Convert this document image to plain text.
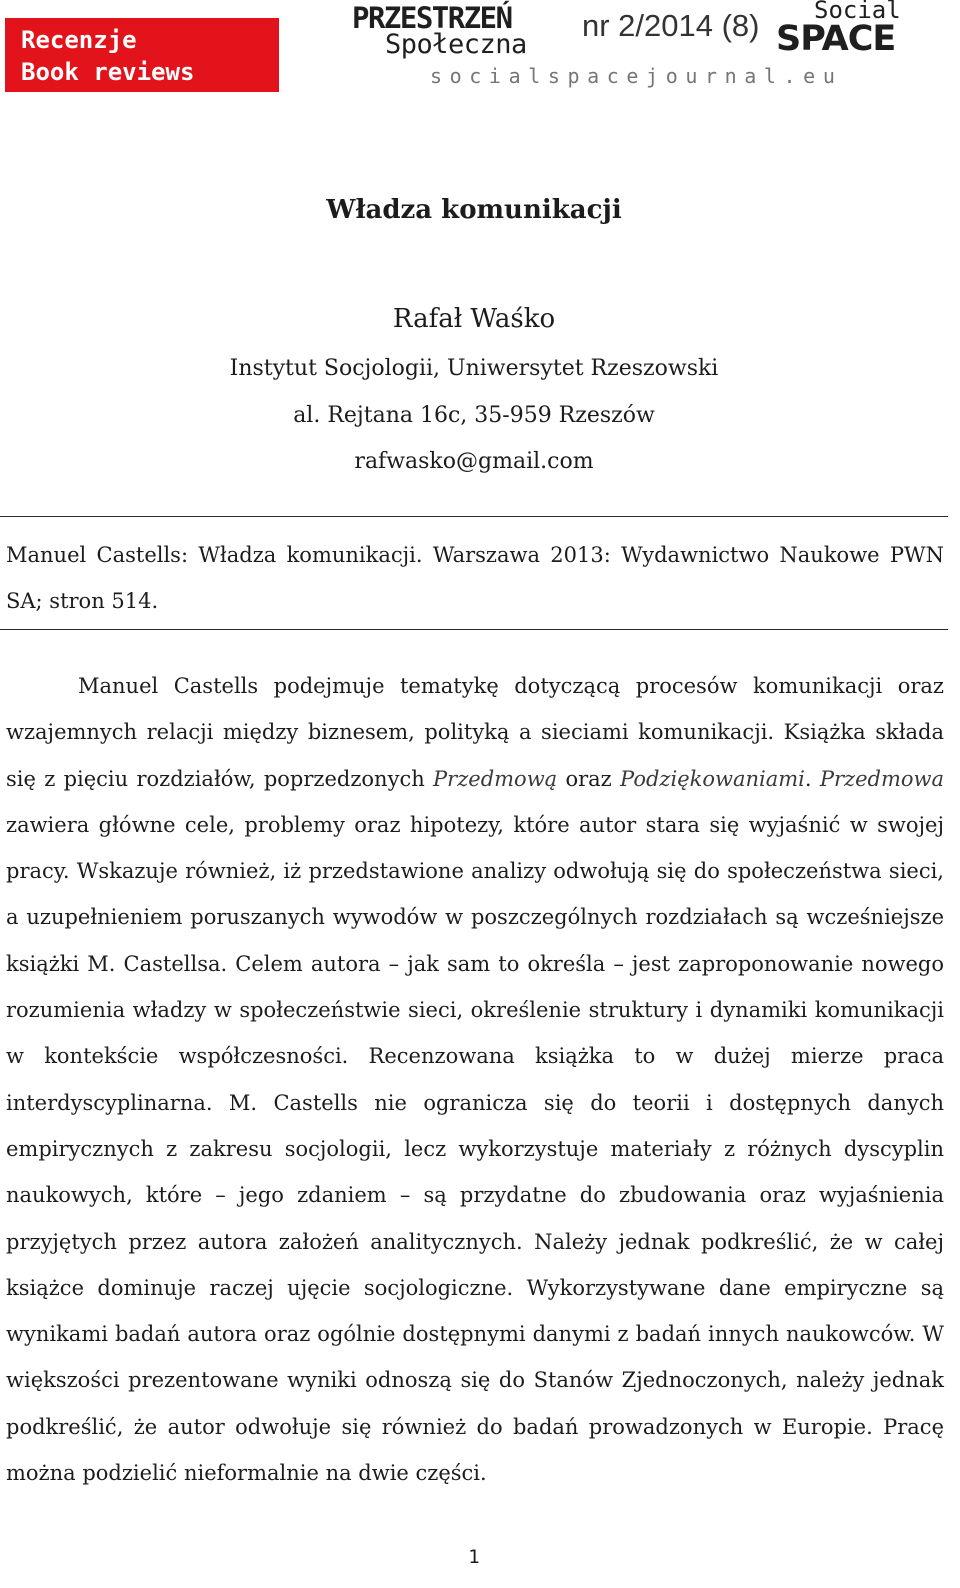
Recenzje
Book reviews
PRZESTRZEŃ
Społeczna
nr 2/2014 (8)	Social
SPACE
socialspacejournal.eu
Władza komunikacji
Rafał Waśko
Instytut Socjologii, Uniwersytet Rzeszowski
al. Rejtana 16c, 35-959 Rzeszów
rafwasko@gmail.com
Manuel Castells: Władza komunikacji. Warszawa 2013: Wydawnictwo Naukowe PWN SA; stron 514.

Manuel Castells podejmuje tematykę dotyczącą procesów komunikacji oraz wzajemnych relacji między biznesem, polityką a sieciami komunikacji. Książka składa się z pięciu rozdziałów, poprzedzonych Przedmową oraz Podziękowaniami. Przedmowa zawiera główne cele, problemy oraz hipotezy, które autor stara się wyjaśnić w swojej pracy. Wskazuje również, iż przedstawione analizy odwołują się do społeczeństwa sieci, a uzupełnieniem poruszanych wywodów w poszczególnych rozdziałach są wcześniejsze książki M. Castellsa. Celem autora – jak sam to określa – jest zaproponowanie nowego rozumienia władzy w społeczeństwie sieci, określenie struktury i dynamiki komunikacji w kontekście współczesności. Recenzowana książka to w dużej mierze praca interdyscyplinarna. M. Castells nie ogranicza się do teorii i dostępnych danych empirycznych z zakresu socjologii, lecz wykorzystuje materiały z różnych dyscyplin naukowych, które – jego zdaniem – są przydatne do zbudowania oraz wyjaśnienia przyjętych przez autora założeń analitycznych. Należy jednak podkreślić, że w całej książce dominuje raczej ujęcie socjologiczne. Wykorzystywane dane empiryczne są wynikami badań autora oraz ogólnie dostępnymi danymi z badań innych naukowców. W większości prezentowane wyniki odnoszą się do Stanów Zjednoczonych, należy jednak podkreślić, że autor odwołuje się również do badań prowadzonych w Europie. Pracę można podzielić nieformalnie na dwie części.

1
